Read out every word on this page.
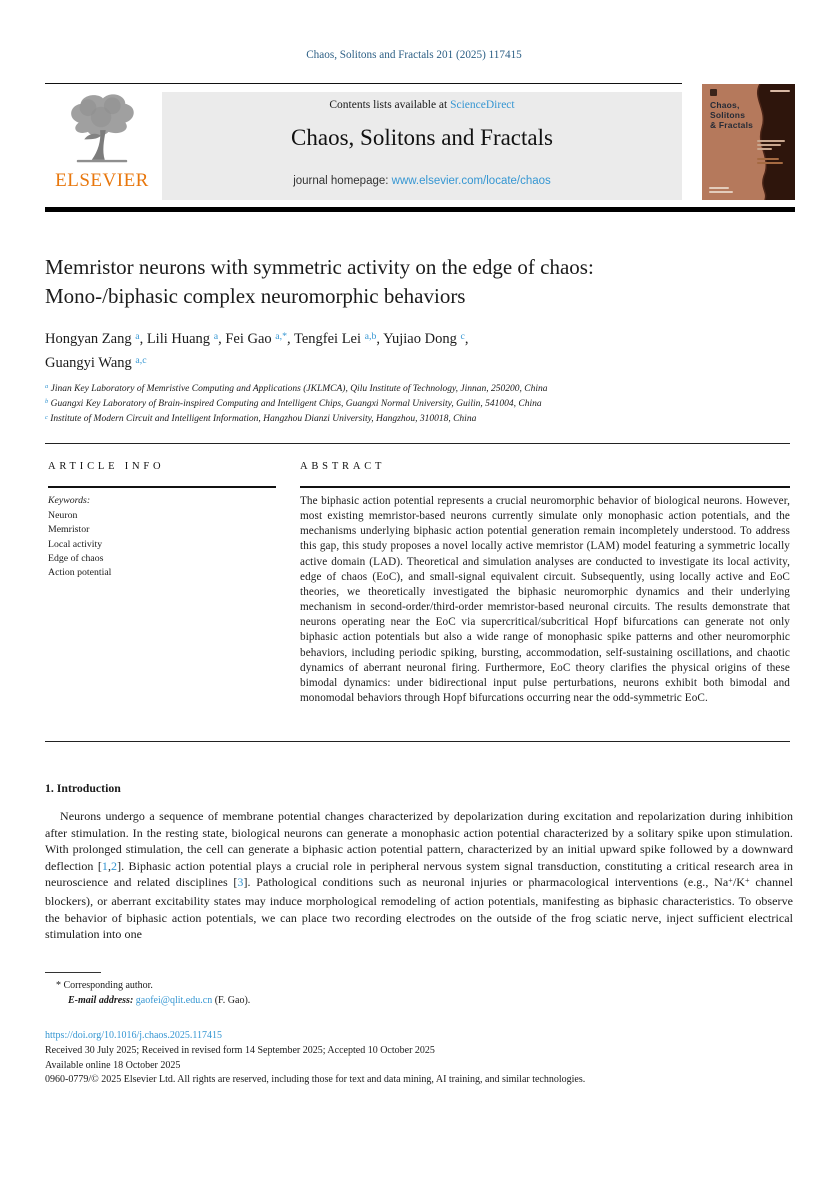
Chaos, Solitons and Fractals 201 (2025) 117415
ELSEVIER
Contents lists available at ScienceDirect
Chaos, Solitons and Fractals
journal homepage: www.elsevier.com/locate/chaos
Chaos,
Solitons
& Fractals
Memristor neurons with symmetric activity on the edge of chaos:
Mono-/biphasic complex neuromorphic behaviors
Hongyan Zang $^a$, Lili Huang $^a$, Fei Gao $^{a,*}$, Tengfei Lei $^{a,b}$, Yujiao Dong $^c$,
Guangyi Wang $^{a,c}$
$^a$ Jinan Key Laboratory of Memristive Computing and Applications (JKLMCA), Qilu Institute of Technology, Jinnan, 250200, China
$^b$ Guangxi Key Laboratory of Brain-inspired Computing and Intelligent Chips, Guangxi Normal University, Guilin, 541004, China
$^c$ Institute of Modern Circuit and Intelligent Information, Hangzhou Dianzi University, Hangzhou, 310018, China
ARTICLE INFO
Keywords:
Neuron
Memristor
Local activity
Edge of chaos
Action potential
ABSTRACT
The biphasic action potential represents a crucial neuromorphic behavior of biological neurons. However, most existing memristor-based neurons currently simulate only monophasic action potentials, and the mechanisms underlying biphasic action potential generation remain incompletely understood. To address this gap, this study proposes a novel locally active memristor (LAM) model featuring a symmetric locally active domain (LAD). Theoretical and simulation analyses are conducted to investigate its local activity, edge of chaos (EoC), and small-signal equivalent circuit. Subsequently, using locally active and EoC theories, we theoretically investigated the biphasic neuromorphic dynamics and their underlying mechanism in second-order/third-order memristor-based neuronal circuits. The results demonstrate that neurons operating near the EoC via supercritical/subcritical Hopf bifurcations can generate not only biphasic action potentials but also a wide range of monophasic spike patterns and other neuromorphic behaviors, including periodic spiking, bursting, accommodation, self-sustaining oscillations, and chaotic dynamics of aberrant neuronal firing. Furthermore, EoC theory clarifies the physical origins of these bimodal dynamics: under bidirectional input pulse perturbations, neurons exhibit both bimodal and monomodal behaviors through Hopf bifurcations occurring near the odd-symmetric EoC.
1. Introduction
Neurons undergo a sequence of membrane potential changes characterized by depolarization during excitation and repolarization during inhibition after stimulation. In the resting state, biological neurons can generate a monophasic action potential characterized by a solitary spike upon stimulation. With prolonged stimulation, the cell can generate a biphasic action potential pattern, characterized by an initial upward spike followed by a downward deflection [1,2]. Biphasic action potential plays a crucial role in peripheral nervous system signal transduction, constituting a critical research area in neuroscience and related disciplines [3]. Pathological conditions such as neuronal injuries or pharmacological interventions (e.g., Na+/K+ channel blockers), or aberrant excitability states may induce morphological remodeling of action potentials, manifesting as biphasic characteristics. To observe the behavior of biphasic action potentials, we can place two recording electrodes on the outside of the frog sciatic nerve, inject sufficient electrical stimulation into one
* Corresponding author.
E-mail address: gaofei@qlit.edu.cn (F. Gao).
https://doi.org/10.1016/j.chaos.2025.117415
Received 30 July 2025; Received in revised form 14 September 2025; Accepted 10 October 2025
Available online 18 October 2025
0960-0779/© 2025 Elsevier Ltd. All rights are reserved, including those for text and data mining, AI training, and similar technologies.
